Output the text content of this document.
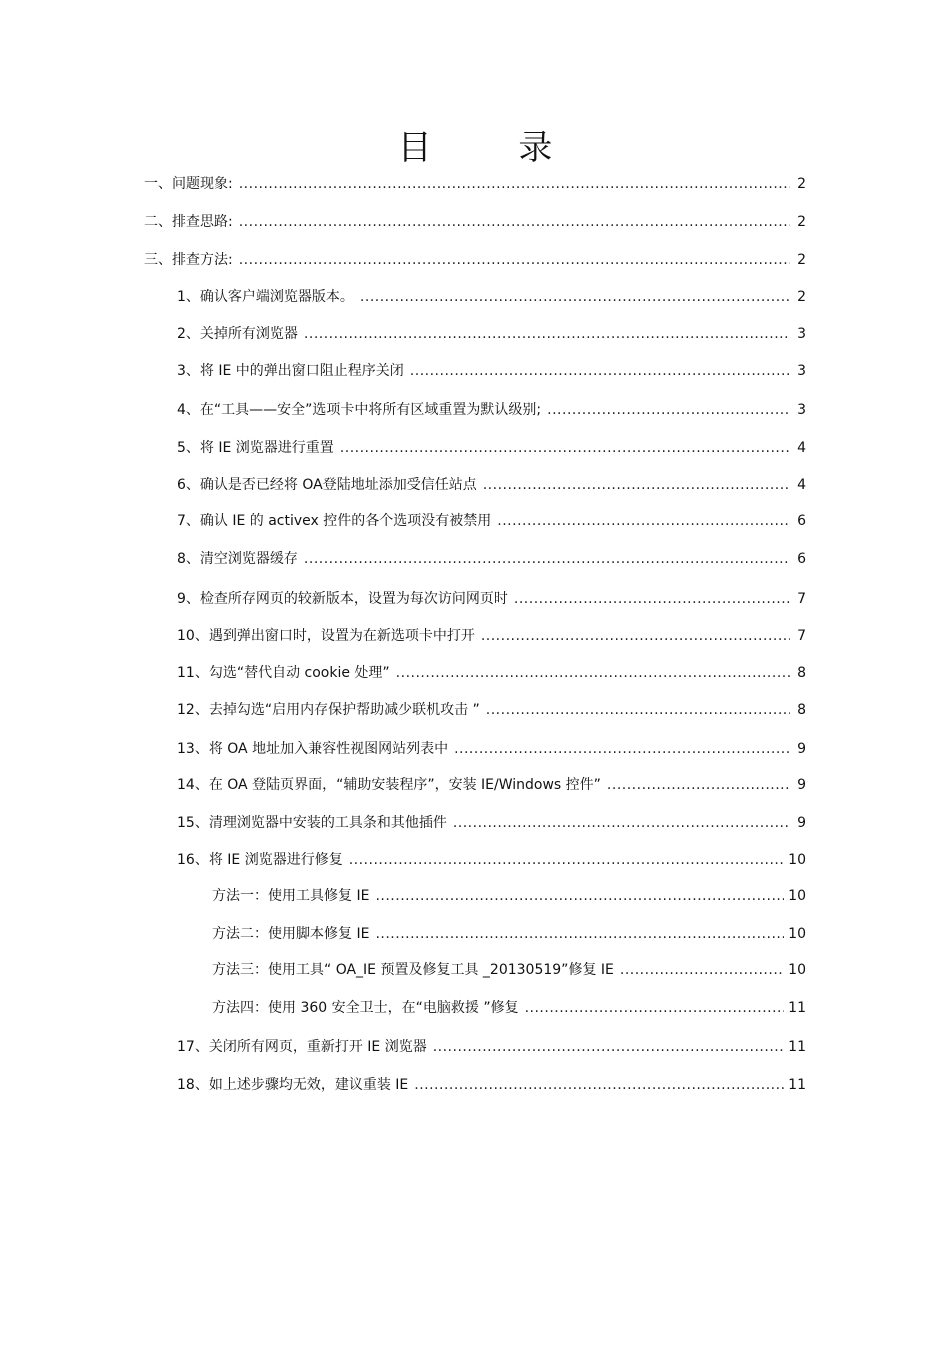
目 录
一、问题现象: .....	2
二、排查思路: .....	2
三、排查方法: .....	2
1、确认客户端浏览器版本。 .....	2
2、关掉所有浏览器 .....	3
3、将 IE 中的弹出窗口阻止程序关闭 .....	3
4、在“工具——安全”选项卡中将所有区域重置为默认级别; .....	3
5、将 IE 浏览器进行重置 .....	4
6、确认是否已经将 OA登陆地址添加受信任站点 .....	4
7、确认 IE 的 activex 控件的各个选项没有被禁用 .....	6
8、清空浏览器缓存 .....	6
9、检查所存网页的较新版本，设置为每次访问网页时 .....	7
10、遇到弹出窗口时，设置为在新选项卡中打开 .....	7
11、勾选“替代自动 cookie 处理” .....	8
12、去掉勾选“启用内存保护帮助减少联机攻击 ” .....	8
13、将 OA 地址加入兼容性视图网站列表中 .....	9
14、在 OA 登陆页界面，“辅助安装程序”，安装 IE/Windows 控件” .....	9
15、清理浏览器中安装的工具条和其他插件 .....	9
16、将 IE 浏览器进行修复 .....	10
方法一：使用工具修复 IE .....	10
方法二：使用脚本修复 IE .....	10
方法三：使用工具“ OA_IE 预置及修复工具 _20130519”修复 IE .....	10
方法四：使用 360 安全卫士，在“电脑救援 ”修复 .....	11
17、关闭所有网页，重新打开 IE 浏览器 .....	11
18、如上述步骤均无效，建议重装 IE .....	11
